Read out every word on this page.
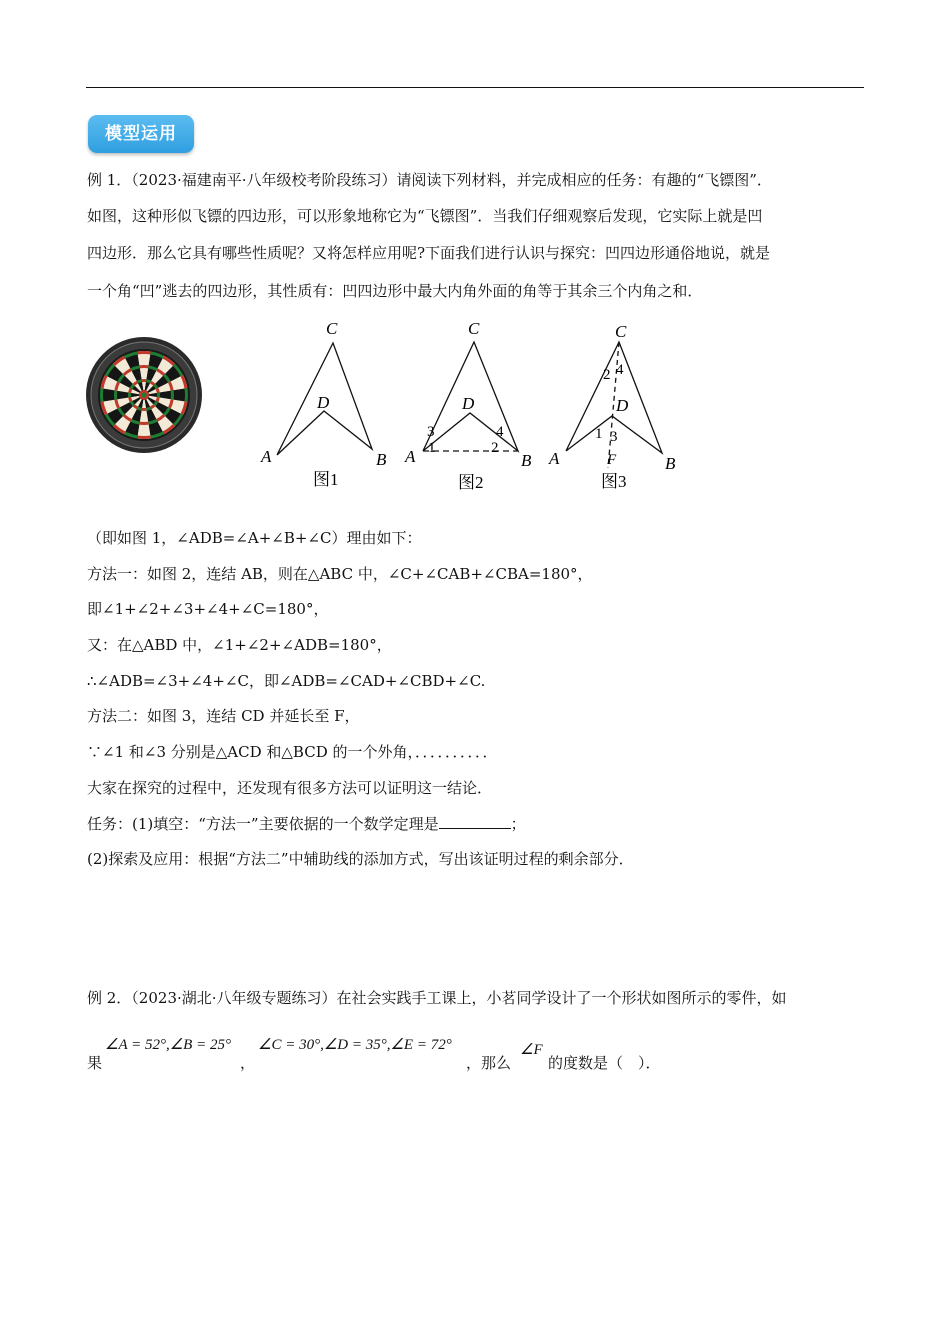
模型运用
例 1．（2023·福建南平·八年级校考阶段练习）请阅读下列材料，并完成相应的任务：有趣的“飞镖图”．
如图，这种形似飞镖的四边形，可以形象地称它为“飞镖图”．当我们仔细观察后发现，它实际上就是凹
四边形．那么它具有哪些性质呢？又将怎样应用呢?下面我们进行认识与探究：凹四边形通俗地说，就是
一个角“凹”逃去的四边形，其性质有：凹四边形中最大内角外面的角等于其余三个内角之和．
C
D
A	B
图1
C
D
A	B
3
1
4
2
图2
C
D
A	B
F
2 4
1 3
图3
（即如图 1，∠ADB=∠A+∠B+∠C）理由如下：
方法一：如图 2，连结 AB，则在△ABC 中，∠C+∠CAB+∠CBA=180°，
即∠1+∠2+∠3+∠4+∠C=180°，
又：在△ABD 中，∠1+∠2+∠ADB=180°，
∴∠ADB=∠3+∠4+∠C，即∠ADB=∠CAD+∠CBD+∠C.
方法二：如图 3，连结 CD 并延长至 F，
∵∠1 和∠3 分别是△ACD 和△BCD 的一个外角，．．．．．．．．．．
大家在探究的过程中，还发现有很多方法可以证明这一结论．
任务：(1)填空：“方法一”主要依据的一个数学定理是	；
(2)探索及应用：根据“方法二”中辅助线的添加方式，写出该证明过程的剩余部分．
例 2．（2023·湖北·八年级专题练习）在社会实践手工课上，小茗同学设计了一个形状如图所示的零件，如
果
∠A = 52°,∠B = 25°
，
∠C = 30°,∠D = 35°,∠E = 72°
，那么
∠F
的度数是（　）．
